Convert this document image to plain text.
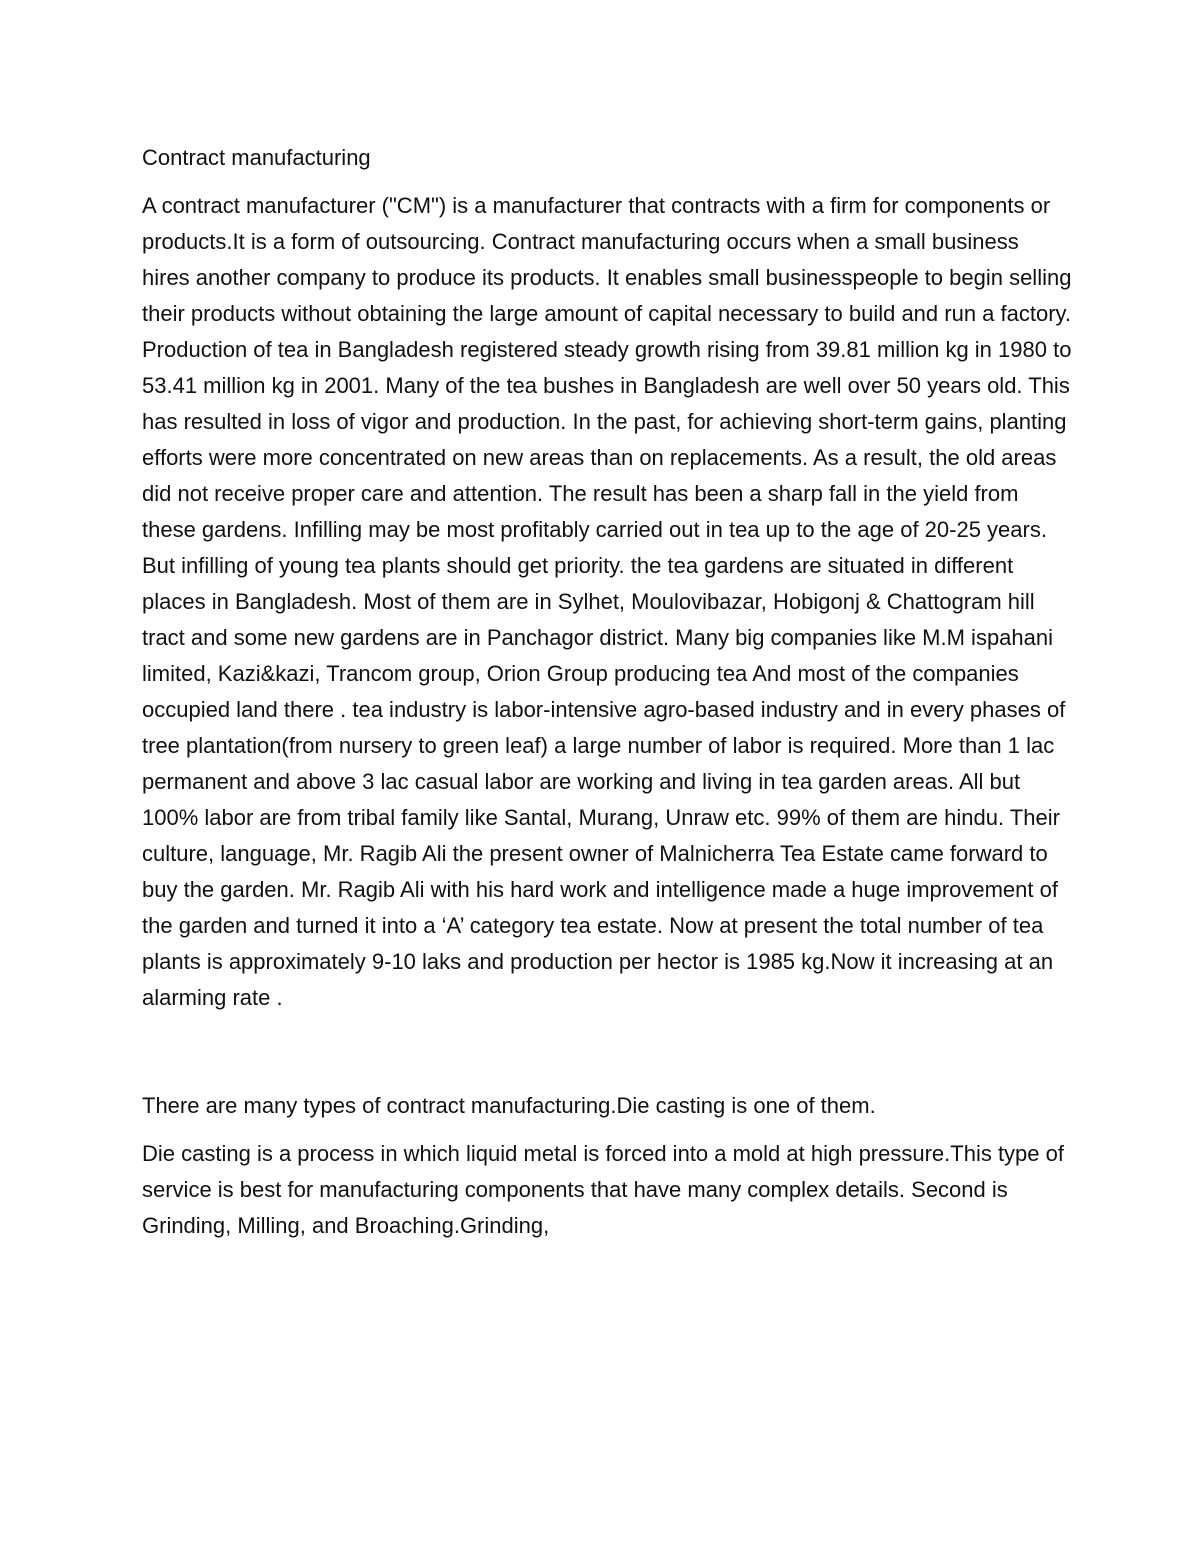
Contract manufacturing

A contract manufacturer ("CM") is a manufacturer that contracts with a firm for components or products.It is a form of outsourcing. Contract manufacturing occurs when a small business hires another company to produce its products. It enables small businesspeople to begin selling their products without obtaining the large amount of capital necessary to build and run a factory. Production of tea in Bangladesh registered steady growth rising from 39.81 million kg in 1980 to 53.41 million kg in 2001. Many of the tea bushes in Bangladesh are well over 50 years old. This has resulted in loss of vigor and production. In the past, for achieving short-term gains, planting efforts were more concentrated on new areas than on replacements. As a result, the old areas did not receive proper care and attention. The result has been a sharp fall in the yield from these gardens. Infilling may be most profitably carried out in tea up to the age of 20-25 years. But infilling of young tea plants should get priority. the tea gardens are situated in different places in Bangladesh. Most of them are in Sylhet, Moulovibazar, Hobigonj & Chattogram hill tract and some new gardens are in Panchagor district. Many big companies like M.M ispahani limited, Kazi&kazi, Trancom group, Orion Group producing tea And most of the companies occupied land there . tea industry is labor-intensive agro-based industry and in every phases of tree plantation(from nursery to green leaf) a large number of labor is required. More than 1 lac permanent and above 3 lac casual labor are working and living in tea garden areas. All but 100% labor are from tribal family like Santal, Murang, Unraw etc. 99% of them are hindu. Their culture, language, Mr. Ragib Ali the present owner of Malnicherra Tea Estate came forward to buy the garden. Mr. Ragib Ali with his hard work and intelligence made a huge improvement of the garden and turned it into a ‘A’ category tea estate. Now at present the total number of tea plants is approximately 9-10 laks and production per hector is 1985 kg.Now it increasing at an alarming rate .

There are many types of contract manufacturing.Die casting is one of them.

Die casting is a process in which liquid metal is forced into a mold at high pressure.This type of service is best for manufacturing components that have many complex details. Second is Grinding, Milling, and Broaching.Grinding,
